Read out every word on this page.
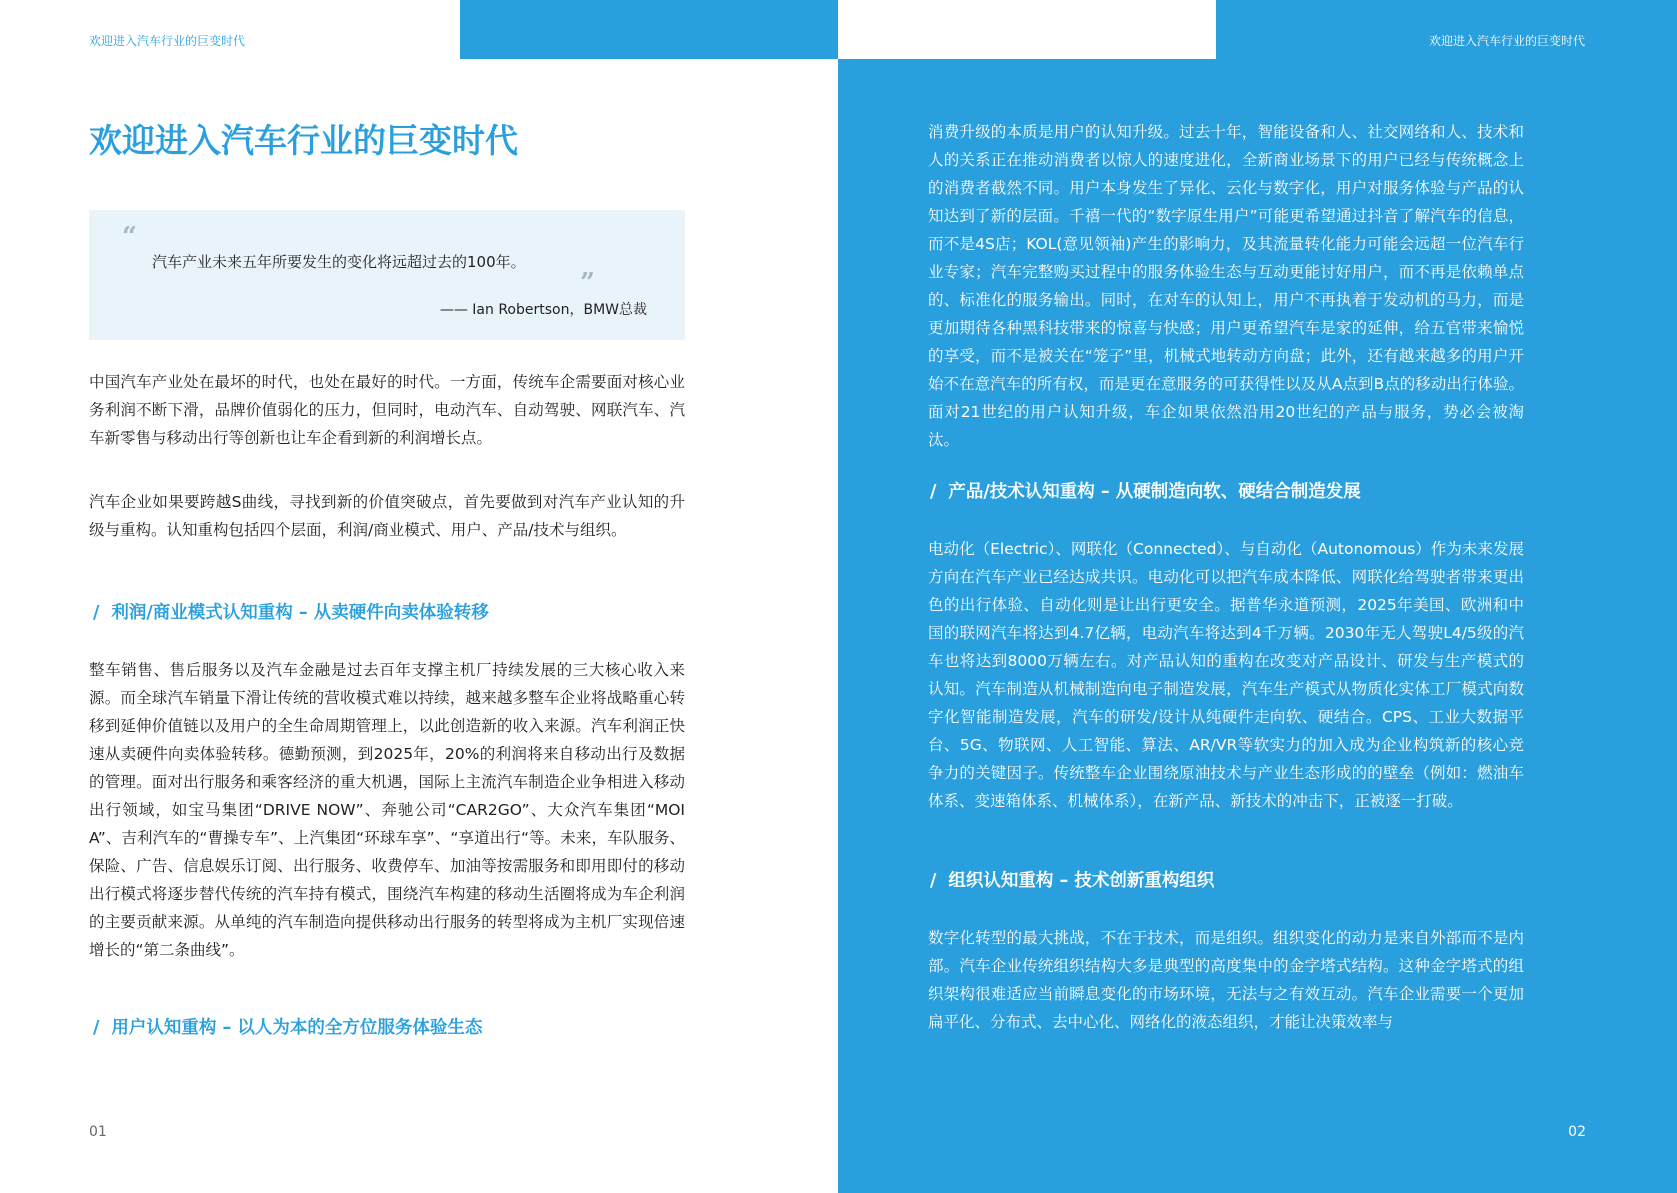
欢迎进入汽车行业的巨变时代
欢迎进入汽车行业的巨变时代
“
汽车产业未来五年所要发生的变化将远超过去的100年。
”
—— Ian Robertson，BMW总裁

中国汽车产业处在最坏的时代，也处在最好的时代。一方面，传统车企需要面对核心业务利润不断下滑，品牌价值弱化的压力，但同时，电动汽车、自动驾驶、网联汽车、汽车新零售与移动出行等创新也让车企看到新的利润增长点。

汽车企业如果要跨越S曲线，寻找到新的价值突破点，首先要做到对汽车产业认知的升级与重构。认知重构包括四个层面，利润/商业模式、用户、产品/技术与组织。

/ 利润/商业模式认知重构 – 从卖硬件向卖体验转移

整车销售、售后服务以及汽车金融是过去百年支撑主机厂持续发展的三大核心收入来源。而全球汽车销量下滑让传统的营收模式难以持续，越来越多整车企业将战略重心转移到延伸价值链以及用户的全生命周期管理上，以此创造新的收入来源。汽车利润正快速从卖硬件向卖体验转移。德勤预测，到2025年，20%的利润将来自移动出行及数据的管理。面对出行服务和乘客经济的重大机遇，国际上主流汽车制造企业争相进入移动出行领域，如宝马集团“DRIVE NOW”、奔驰公司“CAR2GO”、大众汽车集团“MOIA”、吉利汽车的“曹操专车”、上汽集团“环球车享”、“享道出行“等。未来，车队服务、保险、广告、信息娱乐订阅、出行服务、收费停车、加油等按需服务和即用即付的移动出行模式将逐步替代传统的汽车持有模式，围绕汽车构建的移动生活圈将成为车企利润的主要贡献来源。从单纯的汽车制造向提供移动出行服务的转型将成为主机厂实现倍速增长的“第二条曲线”。

/ 用户认知重构 – 以人为本的全方位服务体验生态
01
欢迎进入汽车行业的巨变时代

消费升级的本质是用户的认知升级。过去十年，智能设备和人、社交网络和人、技术和人的关系正在推动消费者以惊人的速度进化，全新商业场景下的用户已经与传统概念上的消费者截然不同。用户本身发生了异化、云化与数字化，用户对服务体验与产品的认知达到了新的层面。千禧一代的“数字原生用户”可能更希望通过抖音了解汽车的信息，而不是4S店；KOL(意见领袖)产生的影响力，及其流量转化能力可能会远超一位汽车行业专家；汽车完整购买过程中的服务体验生态与互动更能讨好用户，而不再是依赖单点的、标准化的服务输出。同时，在对车的认知上，用户不再执着于发动机的马力，而是更加期待各种黑科技带来的惊喜与快感；用户更希望汽车是家的延伸，给五官带来愉悦的享受，而不是被关在“笼子”里，机械式地转动方向盘；此外，还有越来越多的用户开始不在意汽车的所有权，而是更在意服务的可获得性以及从A点到B点的移动出行体验。面对21世纪的用户认知升级，车企如果依然沿用20世纪的产品与服务，势必会被淘汰。

/ 产品/技术认知重构 – 从硬制造向软、硬结合制造发展

电动化（Electric）、网联化（Connected）、与自动化（Autonomous）作为未来发展方向在汽车产业已经达成共识。电动化可以把汽车成本降低、网联化给驾驶者带来更出色的出行体验、自动化则是让出行更安全。据普华永道预测，2025年美国、欧洲和中国的联网汽车将达到4.7亿辆，电动汽车将达到4千万辆。2030年无人驾驶L4/5级的汽车也将达到8000万辆左右。对产品认知的重构在改变对产品设计、研发与生产模式的认知。汽车制造从机械制造向电子制造发展，汽车生产模式从物质化实体工厂模式向数字化智能制造发展，汽车的研发/设计从纯硬件走向软、硬结合。CPS、工业大数据平台、5G、物联网、人工智能、算法、AR/VR等软实力的加入成为企业构筑新的核心竞争力的关键因子。传统整车企业围绕原油技术与产业生态形成的的壁垒（例如：燃油车体系、变速箱体系、机械体系），在新产品、新技术的冲击下，正被逐一打破。

/ 组织认知重构 – 技术创新重构组织

数字化转型的最大挑战，不在于技术，而是组织。组织变化的动力是来自外部而不是内部。汽车企业传统组织结构大多是典型的高度集中的金字塔式结构。这种金字塔式的组织架构很难适应当前瞬息变化的市场环境，无法与之有效互动。汽车企业需要一个更加扁平化、分布式、去中心化、网络化的液态组织，才能让决策效率与

02
